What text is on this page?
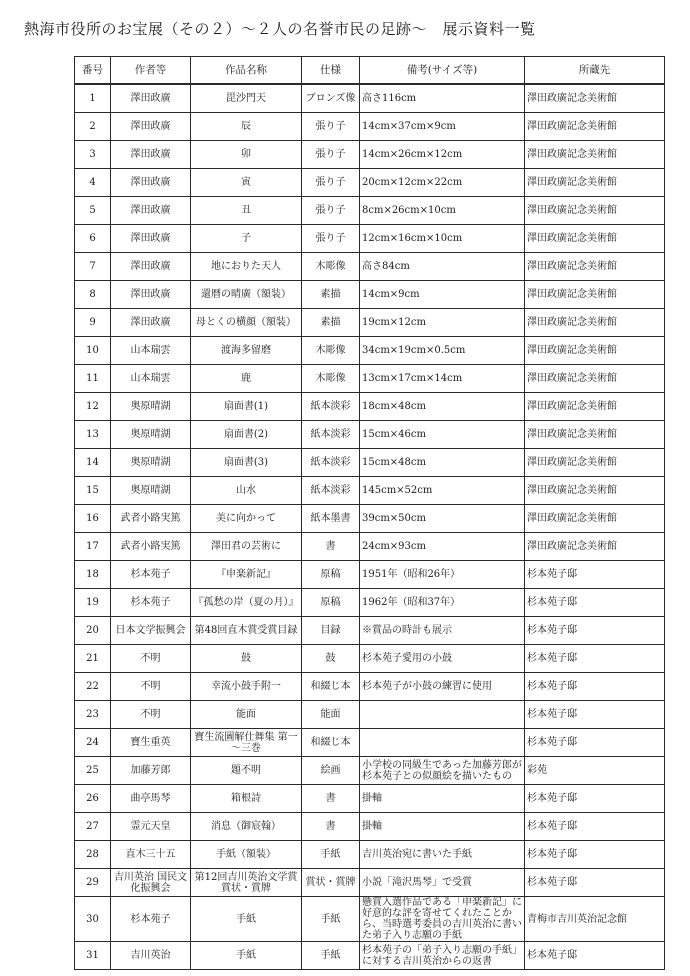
熱海市役所のお宝展（その２）～２人の名誉市民の足跡～　展示資料一覧
番号	作者等	作品名称	仕様	備考(サイズ等)	所蔵先
1	澤田政廣	毘沙門天	ブロンズ像	高さ116cm	澤田政廣記念美術館
2	澤田政廣	辰	張り子	14cm×37cm×9cm	澤田政廣記念美術館
3	澤田政廣	卯	張り子	14cm×26cm×12cm	澤田政廣記念美術館
4	澤田政廣	寅	張り子	20cm×12cm×22cm	澤田政廣記念美術館
5	澤田政廣	丑	張り子	8cm×26cm×10cm	澤田政廣記念美術館
6	澤田政廣	子	張り子	12cm×16cm×10cm	澤田政廣記念美術館
7	澤田政廣	地におりた天人	木彫像	高さ84cm	澤田政廣記念美術館
8	澤田政廣	還暦の晴廣（額装）	素描	14cm×9cm	澤田政廣記念美術館
9	澤田政廣	母とくの横顔（額装）	素描	19cm×12cm	澤田政廣記念美術館
10	山本瑞雲	渡海多留磨	木彫像	34cm×19cm×0.5cm	澤田政廣記念美術館
11	山本瑞雲	鹿	木彫像	13cm×17cm×14cm	澤田政廣記念美術館
12	奥原晴湖	扇面書(1)	紙本淡彩	18cm×48cm	澤田政廣記念美術館
13	奥原晴湖	扇面書(2)	紙本淡彩	15cm×46cm	澤田政廣記念美術館
14	奥原晴湖	扇面書(3)	紙本淡彩	15cm×48cm	澤田政廣記念美術館
15	奥原晴湖	山水	紙本淡彩	145cm×52cm	澤田政廣記念美術館
16	武者小路実篤	美に向かって	紙本墨書	39cm×50cm	澤田政廣記念美術館
17	武者小路実篤	澤田君の芸術に	書	24cm×93cm	澤田政廣記念美術館
18	杉本苑子	『申楽新記』	原稿	1951年（昭和26年）	杉本苑子邸
19	杉本苑子	『孤愁の岸（夏の月）』	原稿	1962年（昭和37年）	杉本苑子邸
20	日本文学振興会	第48回直木賞受賞目録	目録	※賞品の時計も展示	杉本苑子邸
21	不明	鼓	鼓	杉本苑子愛用の小鼓	杉本苑子邸
22	不明	幸流小鼓手附一	和綴じ本	杉本苑子が小鼓の練習に使用	杉本苑子邸
23	不明	能面	能面		杉本苑子邸
24	寶生重英	寶生流圖解仕舞集 第一～三巻	和綴じ本		杉本苑子邸
25	加藤芳郎	題不明	絵画	小学校の同級生であった加藤芳郎が杉本苑子との似顔絵を描いたもの	彩苑
26	曲亭馬琴	箱根詩	書	掛軸	杉本苑子邸
27	霊元天皇	消息（御宸翰）	書	掛軸	杉本苑子邸
28	直木三十五	手紙（額装）	手紙	吉川英治宛に書いた手紙	杉本苑子邸
29	吉川英治 国民文化振興会	第12回吉川英治文学賞賞状・賞牌	賞状・賞牌	小説「滝沢馬琴」で受賞	杉本苑子邸
30	杉本苑子	手紙	手紙	懸賞入選作品である「申楽新記」に好意的な評を寄せてくれたことから、当時選考委員の吉川英治に書いた弟子入り志願の手紙	青梅市吉川英治記念館
31	吉川英治	手紙	手紙	杉本苑子の「弟子入り志願の手紙」に対する吉川英治からの返書	杉本苑子邸
